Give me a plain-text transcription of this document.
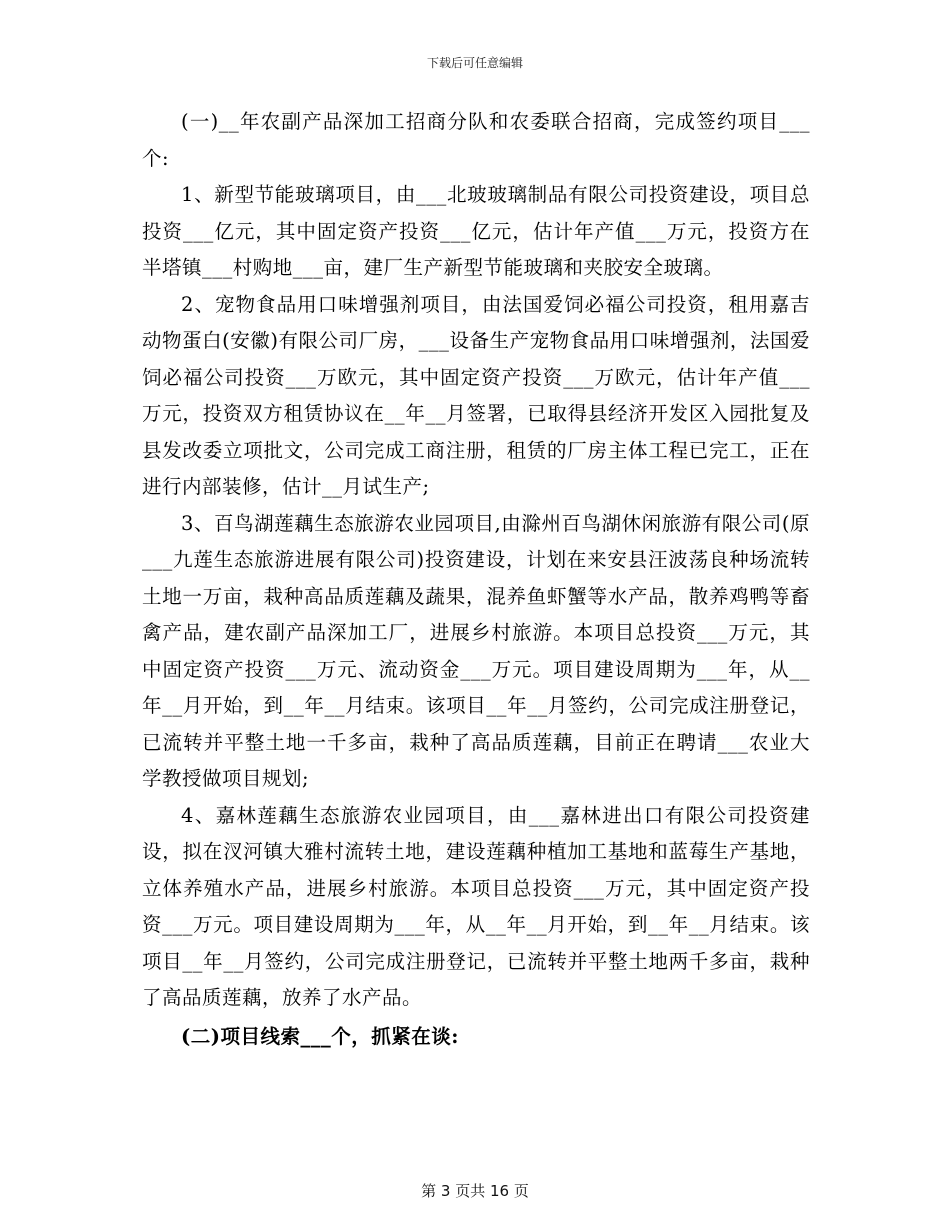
下载后可任意编辑

(一)__年农副产品深加工招商分队和农委联合招商，完成签约项目___个:

1、新型节能玻璃项目，由___北玻玻璃制品有限公司投资建设，项目总投资___亿元，其中固定资产投资___亿元，估计年产值___万元，投资方在半塔镇___村购地___亩，建厂生产新型节能玻璃和夹胶安全玻璃。

2、宠物食品用口味增强剂项目，由法国爱饲必福公司投资，租用嘉吉动物蛋白(安徽)有限公司厂房，___设备生产宠物食品用口味增强剂，法国爱饲必福公司投资___万欧元，其中固定资产投资___万欧元，估计年产值___万元，投资双方租赁协议在__年__月签署，已取得县经济开发区入园批复及县发改委立项批文，公司完成工商注册，租赁的厂房主体工程已完工，正在进行内部装修，估计__月试生产;

3、百鸟湖莲藕生态旅游农业园项目,由滁州百鸟湖休闲旅游有限公司(原___九莲生态旅游进展有限公司)投资建设，计划在来安县汪波荡良种场流转土地一万亩，栽种高品质莲藕及蔬果，混养鱼虾蟹等水产品，散养鸡鸭等畜禽产品，建农副产品深加工厂，进展乡村旅游。本项目总投资___万元，其中固定资产投资___万元、流动资金___万元。项目建设周期为___年，从__年__月开始，到__年__月结束。该项目__年__月签约，公司完成注册登记，已流转并平整土地一千多亩，栽种了高品质莲藕，目前正在聘请___农业大学教授做项目规划;

4、嘉林莲藕生态旅游农业园项目，由___嘉林进出口有限公司投资建设，拟在汊河镇大雅村流转土地，建设莲藕种植加工基地和蓝莓生产基地，立体养殖水产品，进展乡村旅游。本项目总投资___万元，其中固定资产投资___万元。项目建设周期为___年，从__年__月开始，到__年__月结束。该项目__年__月签约，公司完成注册登记，已流转并平整土地两千多亩，栽种了高品质莲藕，放养了水产品。

(二)项目线索___个，抓紧在谈:

第 3 页共 16 页
